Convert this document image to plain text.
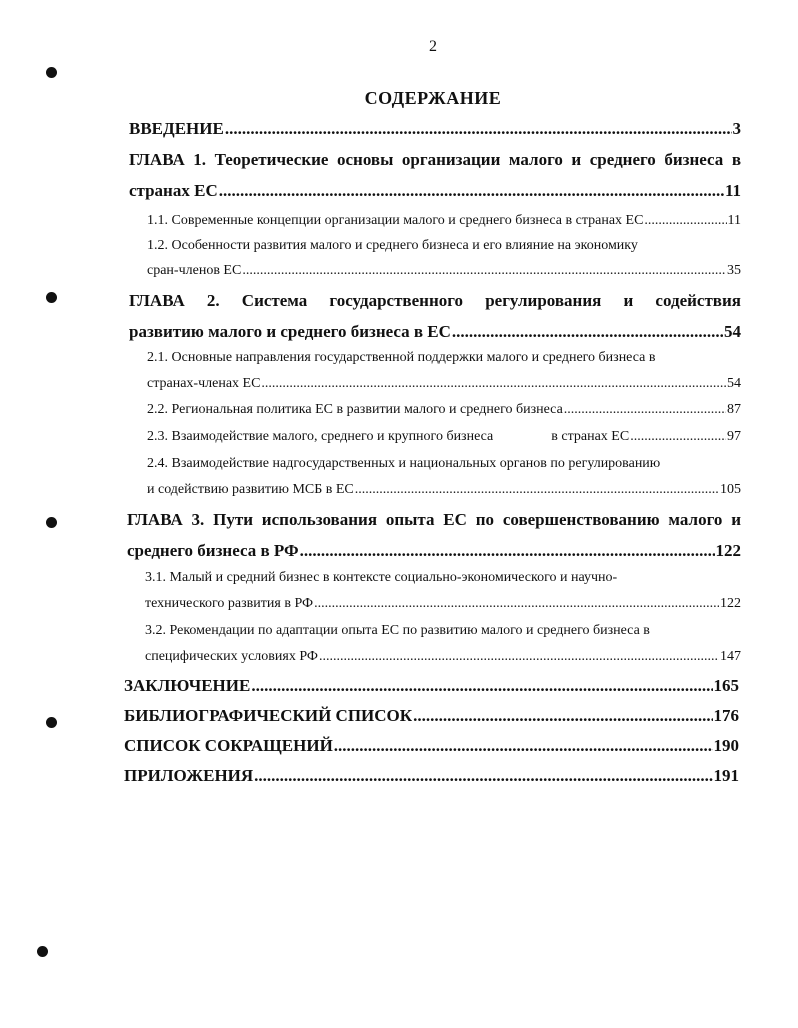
2
СОДЕРЖАНИЕ
ВВЕДЕНИЕ .....	3
ГЛАВА 1. Теоретические основы организации малого и среднего бизнеса в
странах ЕС .....	11
1.1. Современные концепции организации малого и среднего бизнеса в странах ЕС .....	11
1.2. Особенности развития малого и среднего бизнеса и его влияние на экономику
сран-членов ЕС .....	35
ГЛАВА 2. Система государственного регулирования и содействия
развитию малого и среднего бизнеса в ЕС .....	54
2.1. Основные направления государственной поддержки малого и среднего бизнеса в
странах-членах ЕС .....	54
2.2. Региональная политика ЕС в развитии малого и среднего бизнеса .....	87
2.3. Взаимодействие малого, среднего и крупного бизнеса	в странах ЕС .....	97
2.4. Взаимодействие надгосударственных и национальных органов по регулированию
и содействию развитию МСБ в ЕС .....	105
ГЛАВА 3. Пути использования опыта ЕС по совершенствованию малого и
среднего бизнеса в РФ .....	122
3.1. Малый и средний бизнес в контексте социально-экономического и научно-
технического развития в РФ .....	122
3.2. Рекомендации по адаптации опыта ЕС по развитию малого и среднего бизнеса в
специфических условиях РФ .....	147
ЗАКЛЮЧЕНИЕ .....	165
БИБЛИОГРАФИЧЕСКИЙ СПИСОК .....	176
СПИСОК СОКРАЩЕНИЙ .....	190
ПРИЛОЖЕНИЯ .....	191
